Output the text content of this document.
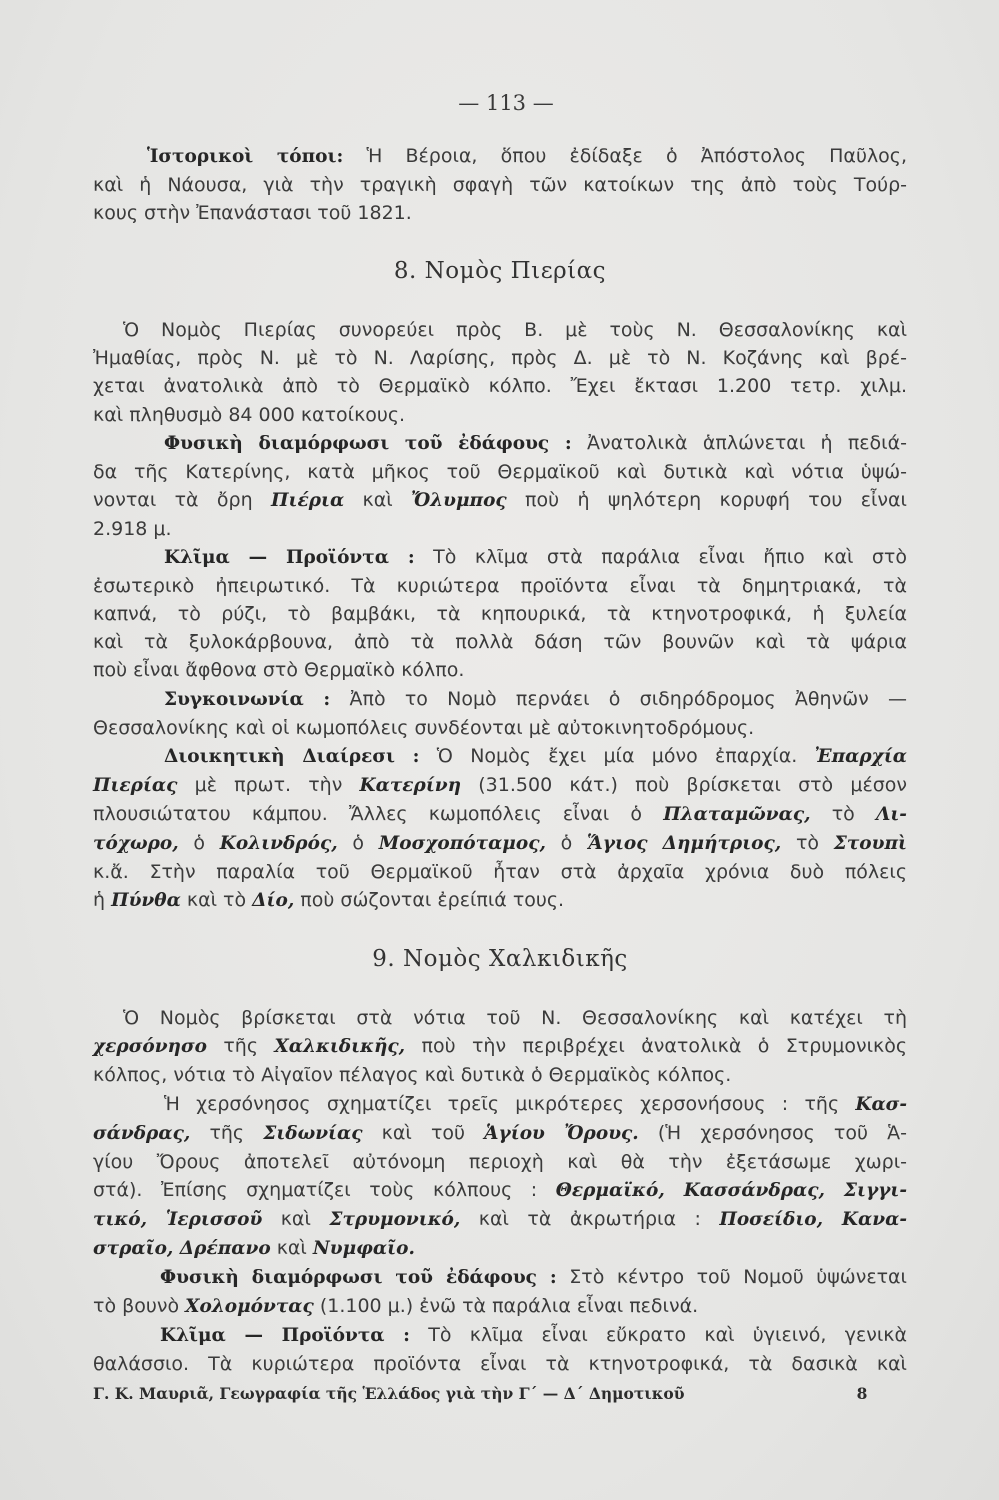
— 113 —
Ἱστορικοὶ τόποι: Ἡ Βέροια, ὅπου ἐδίδαξε ὁ Ἀπόστολος Παῦλος,
καὶ ἡ Νάουσα, γιὰ τὴν τραγικὴ σφαγὴ τῶν κατοίκων της ἀπὸ τοὺς Τούρ-
κους στὴν Ἐπανάστασι τοῦ 1821.
8. Νομὸς Πιερίας
Ὁ Νομὸς Πιερίας συνορεύει πρὸς Β. μὲ τοὺς Ν. Θεσσαλονίκης καὶ
Ἠμαθίας, πρὸς Ν. μὲ τὸ Ν. Λαρίσης, πρὸς Δ. μὲ τὸ Ν. Κοζάνης καὶ βρέ-
χεται ἀνατολικὰ ἀπὸ τὸ Θερμαϊκὸ κόλπο. Ἔχει ἔκτασι 1.200 τετρ. χιλμ.
καὶ πληθυσμὸ 84 000 κατοίκους.
Φυσικὴ διαμόρφωσι τοῦ ἐδάφους : Ἀνατολικὰ ἁπλώνεται ἡ πεδιά-
δα τῆς Κατερίνης, κατὰ μῆκος τοῦ Θερμαϊκοῦ καὶ δυτικὰ καὶ νότια ὑψώ-
νονται τὰ ὄρη Πιέρια καὶ Ὄλυμπος ποὺ ἡ ψηλότερη κορυφή του εἶναι
2.918 μ.
Κλῖμα — Προϊόντα : Τὸ κλῖμα στὰ παράλια εἶναι ἤπιο καὶ στὸ
ἐσωτερικὸ ἠπειρωτικό. Τὰ κυριώτερα προϊόντα εἶναι τὰ δημητριακά, τὰ
καπνά, τὸ ρύζι, τὸ βαμβάκι, τὰ κηπουρικά, τὰ κτηνοτροφικά, ἡ ξυλεία
καὶ τὰ ξυλοκάρβουνα, ἀπὸ τὰ πολλὰ δάση τῶν βουνῶν καὶ τὰ ψάρια
ποὺ εἶναι ἄφθονα στὸ Θερμαϊκὸ κόλπο.
Συγκοινωνία : Ἀπὸ το Νομὸ περνάει ὁ σιδηρόδρομος Ἀθηνῶν —
Θεσσαλονίκης καὶ οἱ κωμοπόλεις συνδέονται μὲ αὐτοκινητοδρόμους.
Διοικητικὴ Διαίρεσι : Ὁ Νομὸς ἔχει μία μόνο ἐπαρχία. Ἐπαρχία
Πιερίας μὲ πρωτ. τὴν Κατερίνη (31.500 κάτ.) ποὺ βρίσκεται στὸ μέσον
πλουσιώτατου κάμπου. Ἄλλες κωμοπόλεις εἶναι ὁ Πλαταμῶνας, τὸ Λι-
τόχωρο, ὁ Κολινδρός, ὁ Μοσχοπόταμος, ὁ Ἅγιος Δημήτριος, τὸ Στουπὶ
κ.ἄ. Στὴν παραλία τοῦ Θερμαϊκοῦ ἦταν στὰ ἀρχαῖα χρόνια δυὸ πόλεις
ἡ Πύνθα καὶ τὸ Δίο, ποὺ σώζονται ἐρείπιά τους.
9. Νομὸς Χαλκιδικῆς
Ὁ Νομὸς βρίσκεται στὰ νότια τοῦ Ν. Θεσσαλονίκης καὶ κατέχει τὴ
χερσόνησο τῆς Χαλκιδικῆς, ποὺ τὴν περιβρέχει ἀνατολικὰ ὁ Στρυμονικὸς
κόλπος, νότια τὸ Αἰγαῖον πέλαγος καὶ δυτικὰ ὁ Θερμαϊκὸς κόλπος.
Ἡ χερσόνησος σχηματίζει τρεῖς μικρότερες χερσονήσους : τῆς Κασ-
σάνδρας, τῆς Σιδωνίας καὶ τοῦ Ἁγίου Ὄρους. (Ἡ χερσόνησος τοῦ Ἁ-
γίου Ὄρους ἀποτελεῖ αὐτόνομη περιοχὴ καὶ θὰ τὴν ἐξετάσωμε χωρι-
στά). Ἐπίσης σχηματίζει τοὺς κόλπους : Θερμαϊκό, Κασσάνδρας, Σιγγι-
τικό, Ἱερισσοῦ καὶ Στρυμονικό, καὶ τὰ ἀκρωτήρια : Ποσείδιο, Κανα-
στραῖο, Δρέπανο καὶ Νυμφαῖο.
Φυσικὴ διαμόρφωσι τοῦ ἐδάφους : Στὸ κέντρο τοῦ Νομοῦ ὑψώνεται
τὸ βουνὸ Χολομόντας (1.100 μ.) ἐνῶ τὰ παράλια εἶναι πεδινά.
Κλῖμα — Προϊόντα : Τὸ κλῖμα εἶναι εὔκρατο καὶ ὑγιεινό, γενικὰ
θαλάσσιο. Τὰ κυριώτερα προϊόντα εἶναι τὰ κτηνοτροφικά, τὰ δασικὰ καὶ
Γ. Κ. Μαυριᾶ, Γεωγραφία τῆς Ἑλλάδος γιὰ τὴν Γ΄ — Δ΄ Δημοτικοῦ	8
